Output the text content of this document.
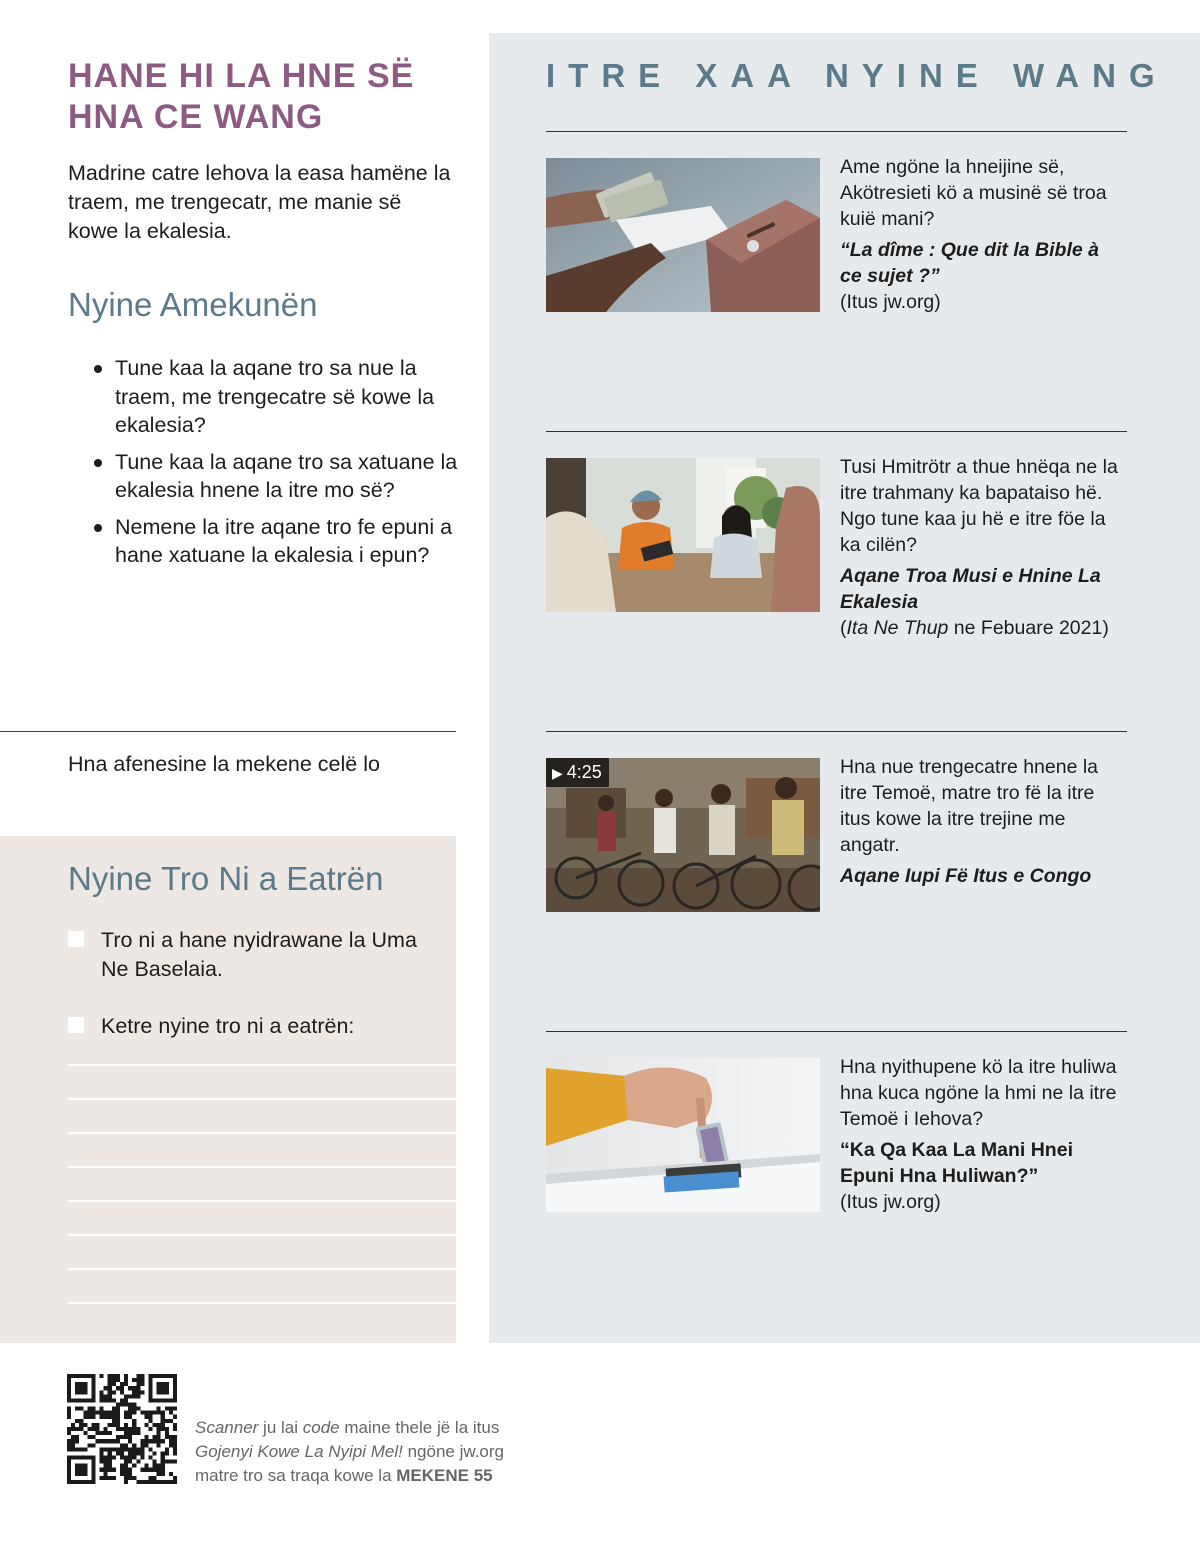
HANE HI LA HNE SË HNA CE WANG

Madrine catre lehova la easa hamëne la traem, me trengecatr, me manie së kowe la ekalesia.

Nyine Amekunën
Tune kaa la aqane tro sa nue la traem, me trengecatre së kowe la ekalesia?
Tune kaa la aqane tro sa xatuane la ekalesia hnene la itre mo së?
Nemene la itre aqane tro fe epuni a hane xatuane la ekalesia i epun?
Hna afenesine la mekene celë lo
Nyine Tro Ni a Eatrën
Tro ni a hane nyidrawane la Uma Ne Baselaia.
Ketre nyine tro ni a eatrën:
ITRE XAA NYINE WANG

Ame ngöne la hneijine së, Akötresieti kö a musinë së troa kuië mani?

“La dîme : Que dit la Bible à ce sujet ?”

(Itus jw.org)

Tusi Hmitrötr a thue hnëqa ne la itre trahmany ka bapataiso hë. Ngo tune kaa ju hë e itre föe la ka cilën?

Aqane Troa Musi e Hnine La Ekalesia

(Ita Ne Thup ne Febuare 2021)

▶ 4:25	Hna nue trengecatre hnene la itre Temoë, matre tro fë la itre itus kowe la itre trejine me angatr.

Aqane Iupi Fë Itus e Congo

Hna nyithupene kö la itre huliwa hna kuca ngöne la hmi ne la itre Temoë i Iehova?

“Ka Qa Kaa La Mani Hnei Epuni Hna Huliwan?”

(Itus jw.org)

Scanner ju lai code maine thele jë la itus
Gojenyi Kowe La Nyipi Mel! ngöne jw.org
matre tro sa traqa kowe la MEKENE 55
